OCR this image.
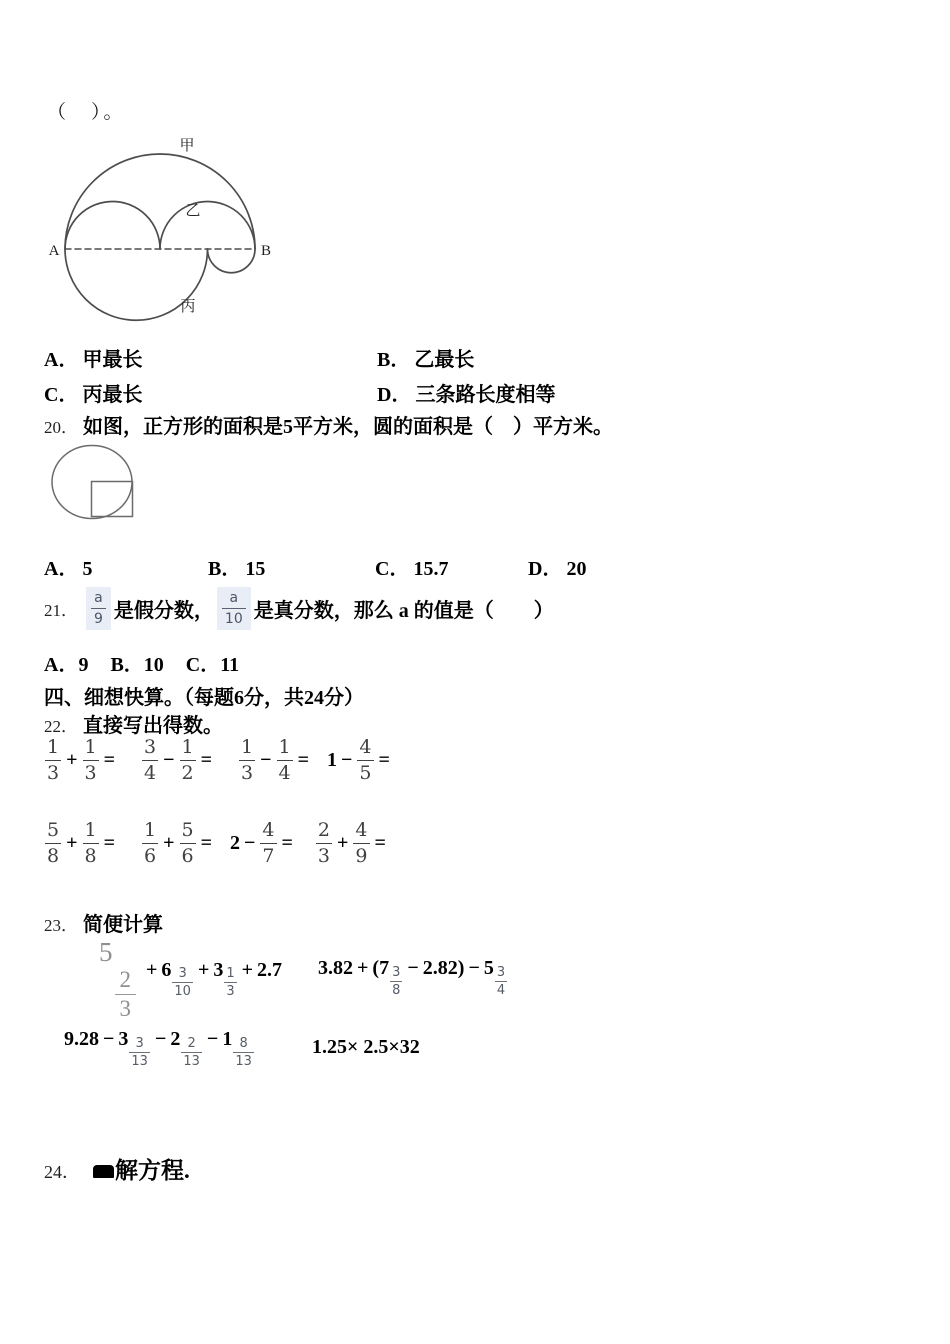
（　）。
甲
乙
丙
A	B
A． 甲最长	B． 乙最长
C． 丙最长	D． 三条路长度相等
20． 如图，正方形的面积是5平方米，圆的面积是（　）平方米。
A． 5	B． 15	C． 15.7	D． 20
21． $\frac{a}{9}$ 是假分数， $\frac{a}{10}$ 是真分数，那么 a 的值是（　　）
A．9 B．10 C．11
四、细想快算。（每题6分，共24分）
22． 直接写出得数。
$\frac{1}{3} + \frac{1}{3} = \frac{3}{4} - \frac{1}{2} = \frac{1}{3} - \frac{1}{4} = 1 - \frac{4}{5}$ =
$\frac{5}{8} + \frac{1}{8} = \frac{1}{6} + \frac{5}{6} = 2 - \frac{4}{7} = \frac{2}{3} + \frac{4}{9}$ =
23． 简便计算
5
$\frac{2}{3} + 6 \frac{3}{10} + 3 \frac{1}{3} + 2.7$ $3.82 + (7 \frac{3}{8} - 2.82) - 5 \frac{3}{4}$
$9.28 - 3 \frac{3}{13} - 2 \frac{2}{13} - 1 \frac{8}{13}$	1.25× 2.5×32
24． 解方程.
